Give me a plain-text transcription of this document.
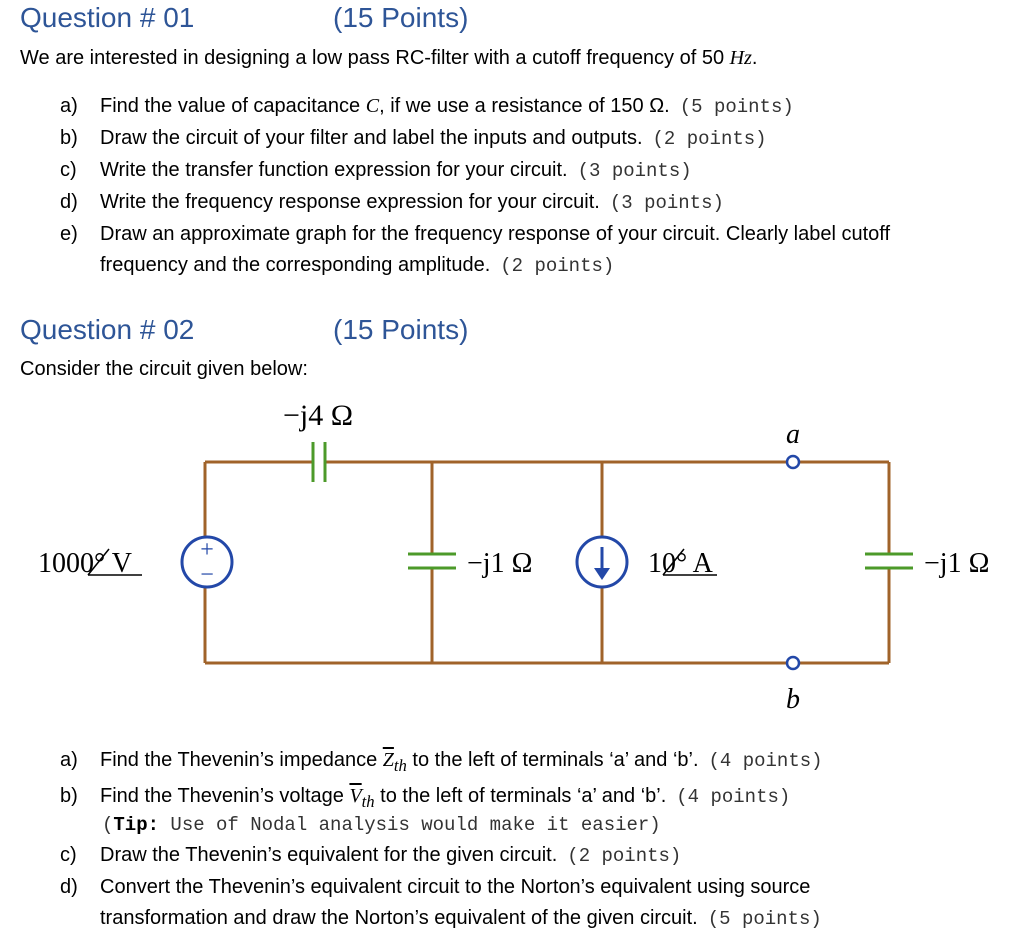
Question # 01	(15 Points)
We are interested in designing a low pass RC-filter with a cutoff frequency of 50 Hz.
a) Find the value of capacitance C, if we use a resistance of 150 Ω. (5 points)
b) Draw the circuit of your filter and label the inputs and outputs. (2 points)
c) Write the transfer function expression for your circuit. (3 points)
d) Write the frequency response expression for your circuit. (3 points)
e) Draw an approximate graph for the frequency response of your circuit. Clearly label cutoff
frequency and the corresponding amplitude. (2 points)
Question # 02	(15 Points)
Consider the circuit given below:
−j4 Ω
+
−
1000° V	−j1 Ω	10° A
a
b
−j1 Ω
a) Find the Thevenin’s impedance $\overline{Z}_{th}$ to the left of terminals ‘a’ and ‘b’. (4 points)
b) Find the Thevenin’s voltage $\overline{V}_{th}$ to the left of terminals ‘a’ and ‘b’. (4 points)
(Tip: Use of Nodal analysis would make it easier)
c) Draw the Thevenin’s equivalent for the given circuit. (2 points)
d) Convert the Thevenin’s equivalent circuit to the Norton’s equivalent using source
transformation and draw the Norton’s equivalent of the given circuit. (5 points)
